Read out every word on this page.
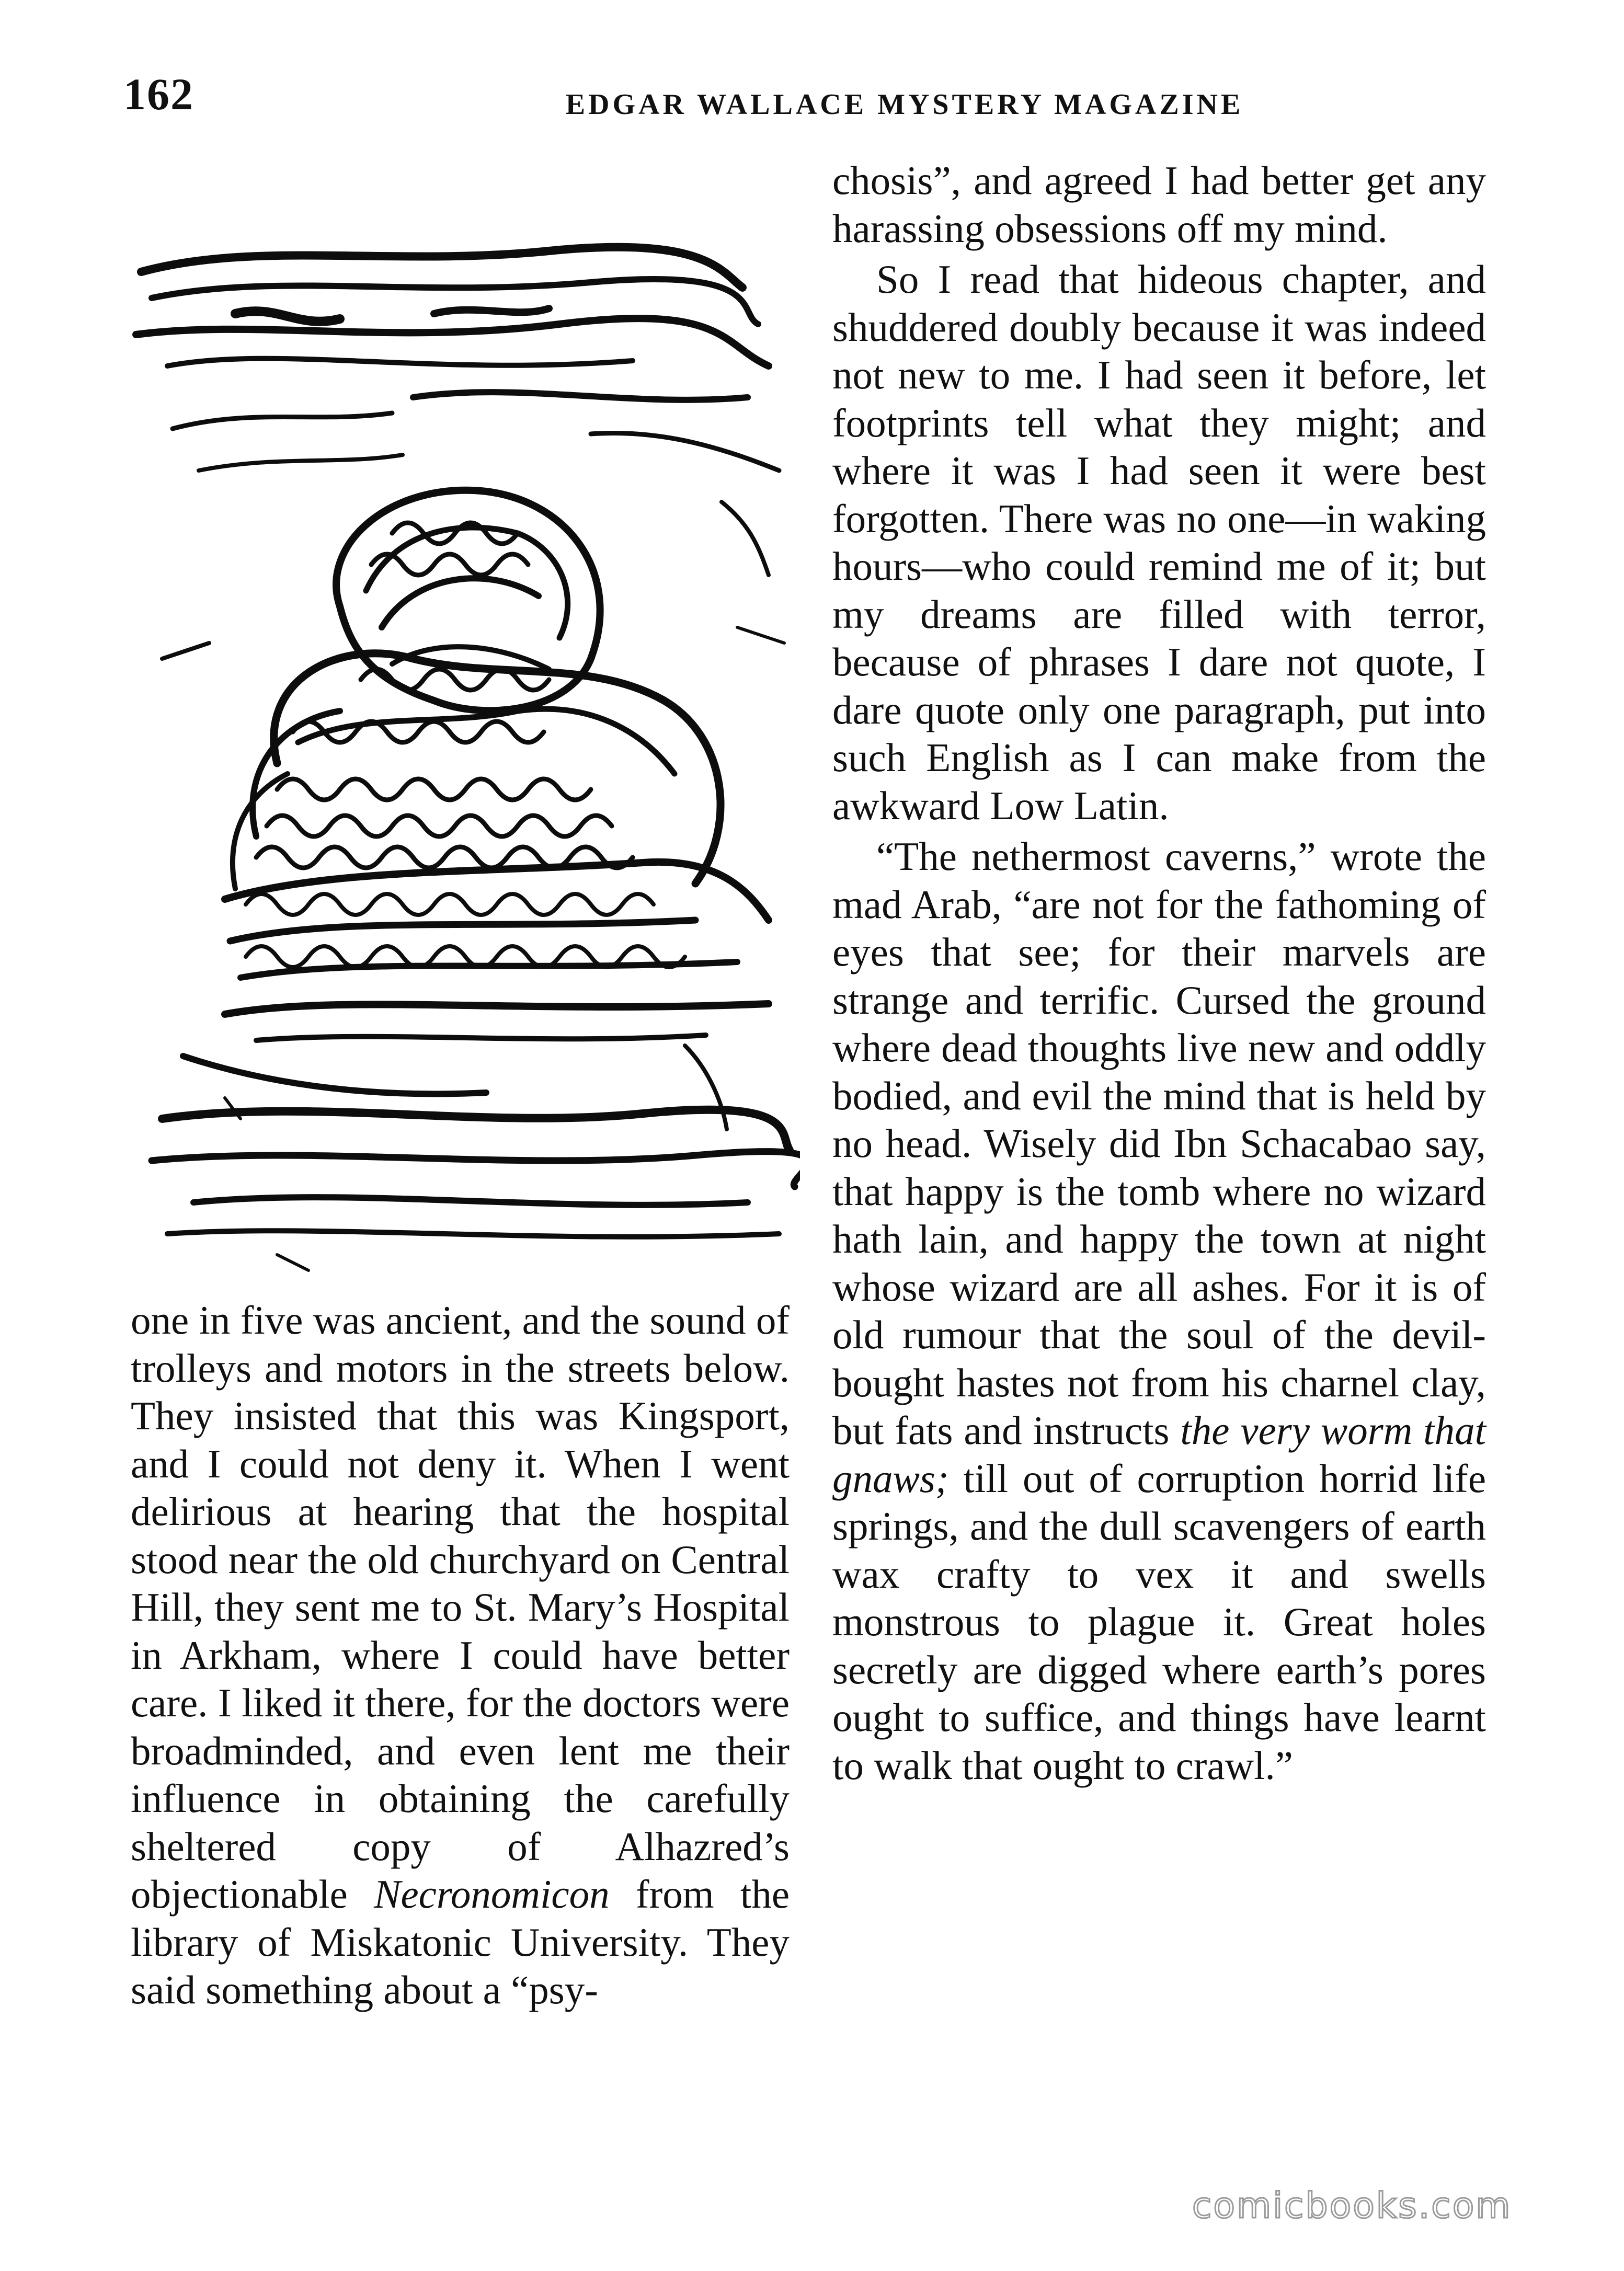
162	EDGAR WALLACE MYSTERY MAGAZINE

one in five was ancient, and the sound of trolleys and motors in the streets below. They insisted that this was Kingsport, and I could not deny it. When I went delirious at hearing that the hospital stood near the old churchyard on Central Hill, they sent me to St. Mary’s Hospital in Arkham, where I could have better care. I liked it there, for the doctors were broadminded, and even lent me their influence in obtaining the carefully sheltered copy of Alhazred’s objectionable Necronomicon from the library of Miskatonic University. They said something about a “psy-

chosis”, and agreed I had better get any harassing obsessions off my mind.

So I read that hideous chapter, and shuddered doubly because it was indeed not new to me. I had seen it before, let footprints tell what they might; and where it was I had seen it were best forgotten. There was no one—in waking hours—who could remind me of it; but my dreams are filled with terror, because of phrases I dare not quote, I dare quote only one paragraph, put into such English as I can make from the awkward Low Latin.

“The nethermost caverns,” wrote the mad Arab, “are not for the fathoming of eyes that see; for their marvels are strange and terrific. Cursed the ground where dead thoughts live new and oddly bodied, and evil the mind that is held by no head. Wisely did Ibn Schacabao say, that happy is the tomb where no wizard hath lain, and happy the town at night whose wizard are all ashes. For it is of old rumour that the soul of the devil-bought hastes not from his charnel clay, but fats and instructs the very worm that gnaws; till out of corruption horrid life springs, and the dull scavengers of earth wax crafty to vex it and swells monstrous to plague it. Great holes secretly are digged where earth’s pores ought to suffice, and things have learnt to walk that ought to crawl.”

comicbooks.com
